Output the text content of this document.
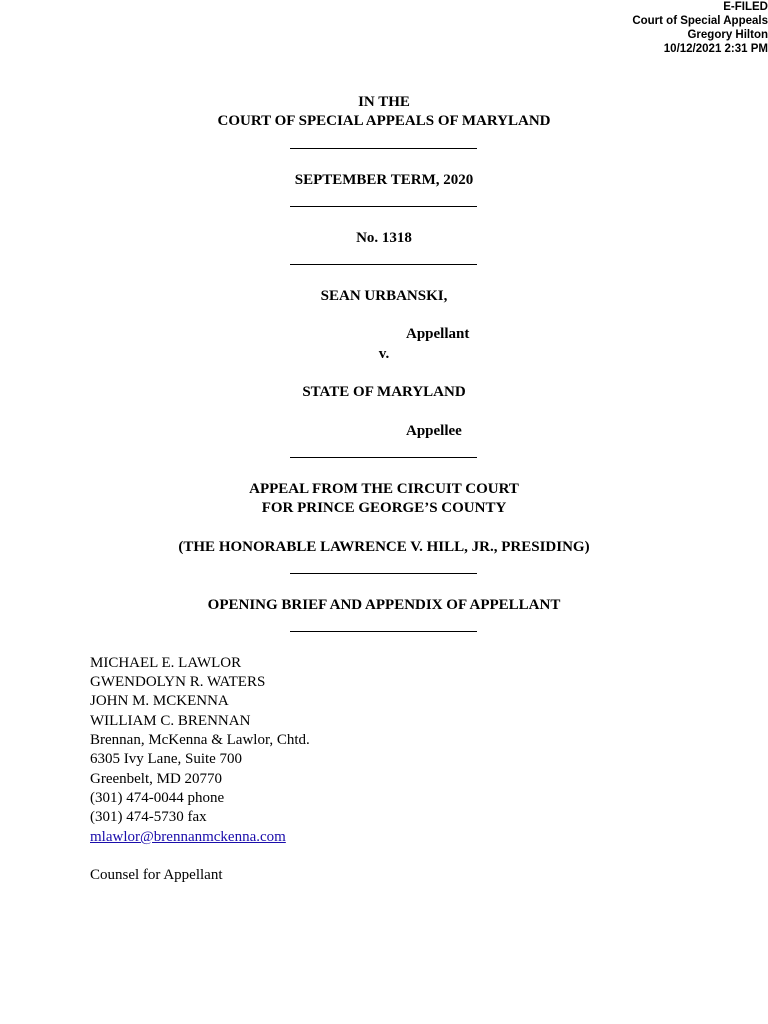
E-FILED
Court of Special Appeals
Gregory Hilton
10/12/2021 2:31 PM
IN THE
COURT OF SPECIAL APPEALS OF MARYLAND
SEPTEMBER TERM, 2020
No. 1318
SEAN URBANSKI,
Appellant
v.
STATE OF MARYLAND
Appellee
APPEAL FROM THE CIRCUIT COURT
FOR PRINCE GEORGE’S COUNTY
(THE HONORABLE LAWRENCE V. HILL, JR., PRESIDING)
OPENING BRIEF AND APPENDIX OF APPELLANT
MICHAEL E. LAWLOR
GWENDOLYN R. WATERS
JOHN M. MCKENNA
WILLIAM C. BRENNAN
Brennan, McKenna & Lawlor, Chtd.
6305 Ivy Lane, Suite 700
Greenbelt, MD 20770
(301) 474-0044 phone
(301) 474-5730 fax
mlawlor@brennanmckenna.com
Counsel for Appellant
